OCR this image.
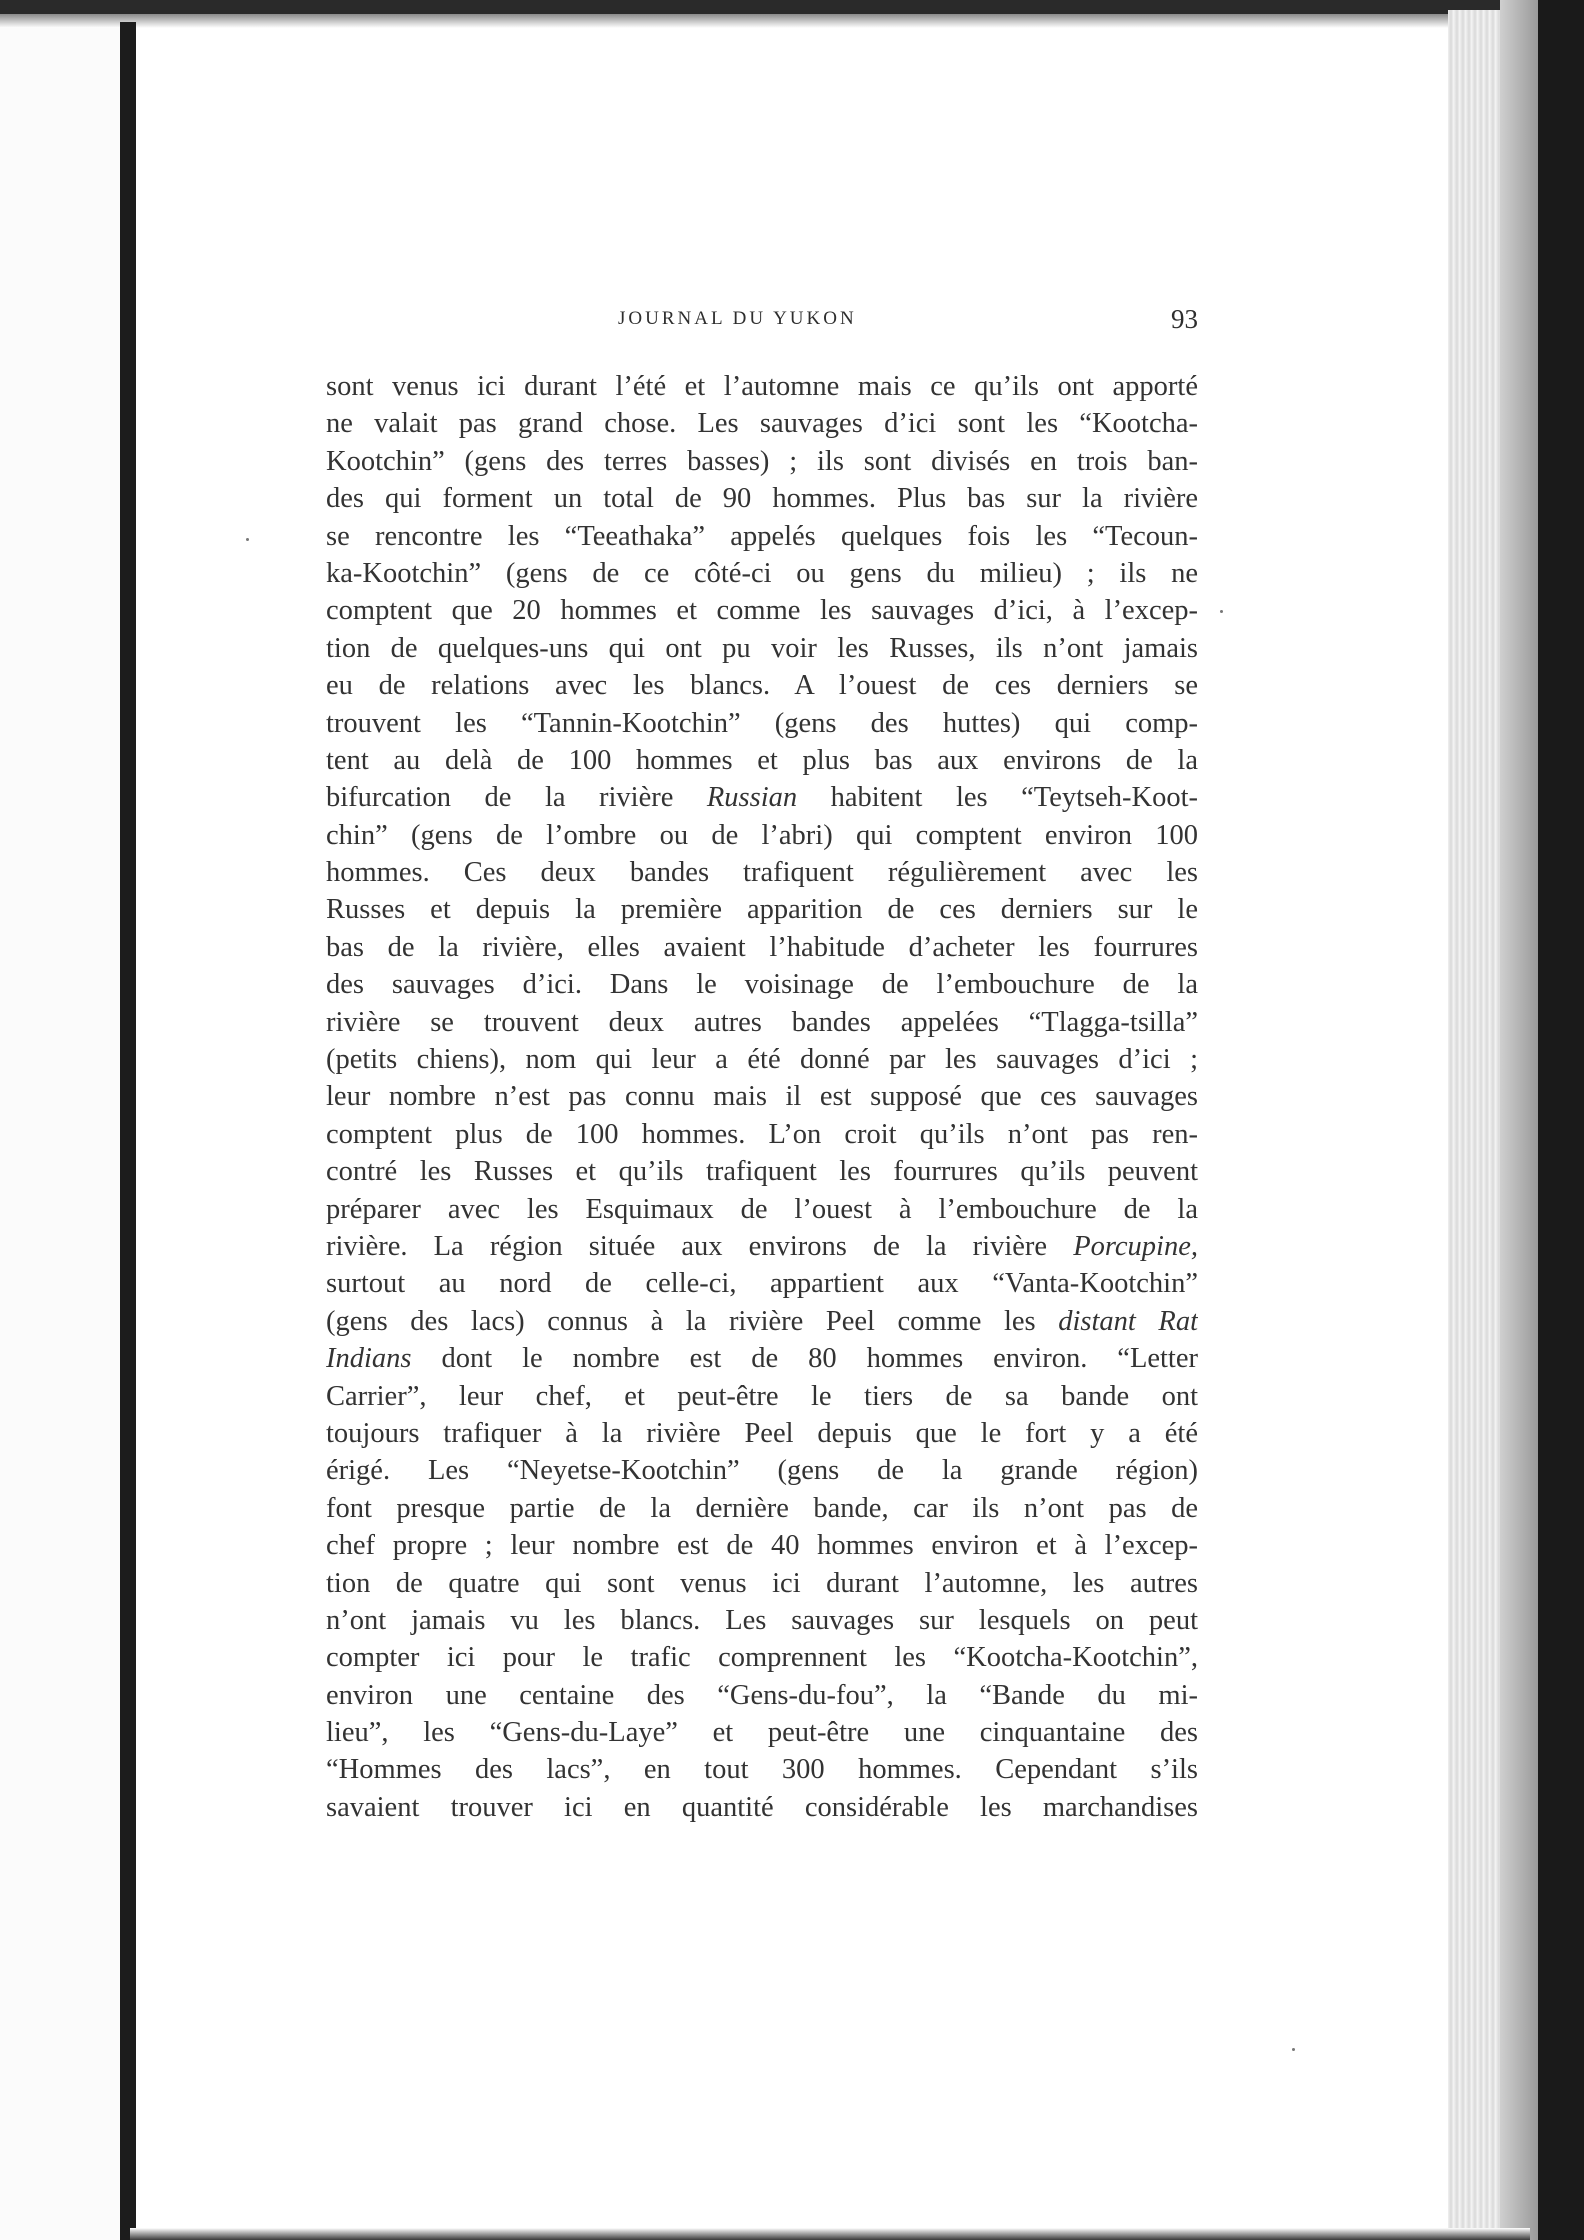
JOURNAL DU YUKON	93
sont venus ici durant l’été et l’automne mais ce qu’ils ont apporté
ne valait pas grand chose. Les sauvages d’ici sont les “Kootcha-
Kootchin” (gens des terres basses) ; ils sont divisés en trois ban-
des qui forment un total de 90 hommes. Plus bas sur la rivière
se rencontre les “Teeathaka” appelés quelques fois les “Tecoun-
ka-Kootchin” (gens de ce côté-ci ou gens du milieu) ; ils ne
comptent que 20 hommes et comme les sauvages d’ici, à l’excep-
tion de quelques-uns qui ont pu voir les Russes, ils n’ont jamais
eu de relations avec les blancs. A l’ouest de ces derniers se
trouvent les “Tannin-Kootchin” (gens des huttes) qui comp-
tent au delà de 100 hommes et plus bas aux environs de la
bifurcation de la rivière Russian habitent les “Teytseh-Koot-
chin” (gens de l’ombre ou de l’abri) qui comptent environ 100
hommes. Ces deux bandes trafiquent régulièrement avec les
Russes et depuis la première apparition de ces derniers sur le
bas de la rivière, elles avaient l’habitude d’acheter les fourrures
des sauvages d’ici. Dans le voisinage de l’embouchure de la
rivière se trouvent deux autres bandes appelées “Tlagga-tsilla”
(petits chiens), nom qui leur a été donné par les sauvages d’ici ;
leur nombre n’est pas connu mais il est supposé que ces sauvages
comptent plus de 100 hommes. L’on croit qu’ils n’ont pas ren-
contré les Russes et qu’ils trafiquent les fourrures qu’ils peuvent
préparer avec les Esquimaux de l’ouest à l’embouchure de la
rivière. La région située aux environs de la rivière Porcupine,
surtout au nord de celle-ci, appartient aux “Vanta-Kootchin”
(gens des lacs) connus à la rivière Peel comme les distant Rat
Indians dont le nombre est de 80 hommes environ. “Letter
Carrier”, leur chef, et peut-être le tiers de sa bande ont
toujours trafiquer à la rivière Peel depuis que le fort y a été
érigé. Les “Neyetse-Kootchin” (gens de la grande région)
font presque partie de la dernière bande, car ils n’ont pas de
chef propre ; leur nombre est de 40 hommes environ et à l’excep-
tion de quatre qui sont venus ici durant l’automne, les autres
n’ont jamais vu les blancs. Les sauvages sur lesquels on peut
compter ici pour le trafic comprennent les “Kootcha-Kootchin”,
environ une centaine des “Gens-du-fou”, la “Bande du mi-
lieu”, les “Gens-du-Laye” et peut-être une cinquantaine des
“Hommes des lacs”, en tout 300 hommes. Cependant s’ils
savaient trouver ici en quantité considérable les marchandises
